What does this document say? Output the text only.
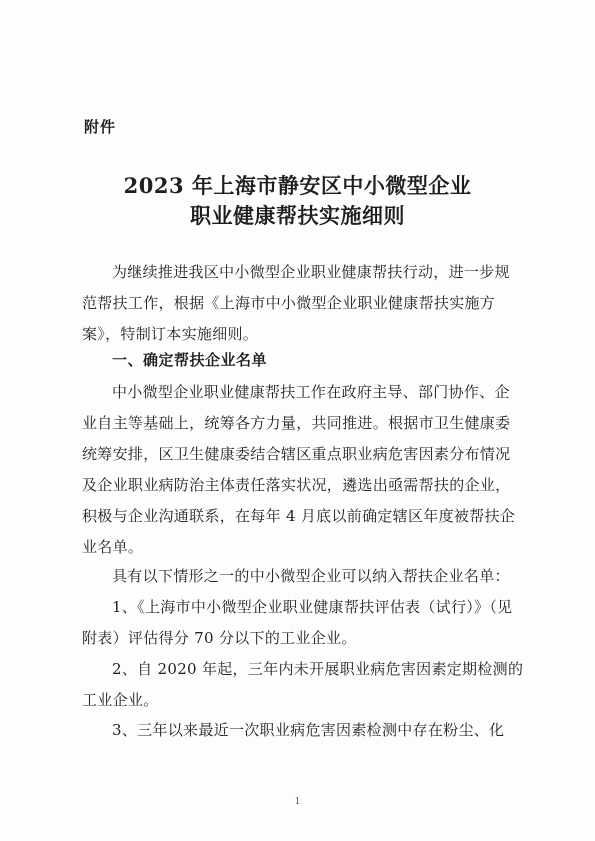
附件
2023 年上海市静安区中小微型企业
职业健康帮扶实施细则
为继续推进我区中小微型企业职业健康帮扶行动，进一步规
范帮扶工作，根据《上海市中小微型企业职业健康帮扶实施方
案》，特制订本实施细则。
一、确定帮扶企业名单
中小微型企业职业健康帮扶工作在政府主导、部门协作、企
业自主等基础上，统筹各方力量，共同推进。根据市卫生健康委
统筹安排，区卫生健康委结合辖区重点职业病危害因素分布情况
及企业职业病防治主体责任落实状况，遴选出亟需帮扶的企业，
积极与企业沟通联系，在每年 4 月底以前确定辖区年度被帮扶企
业名单。
具有以下情形之一的中小微型企业可以纳入帮扶企业名单：
1、《上海市中小微型企业职业健康帮扶评估表（试行）》（见
附表）评估得分 70 分以下的工业企业。
2、自 2020 年起，三年内未开展职业病危害因素定期检测的
工业企业。
3、三年以来最近一次职业病危害因素检测中存在粉尘、化
1
